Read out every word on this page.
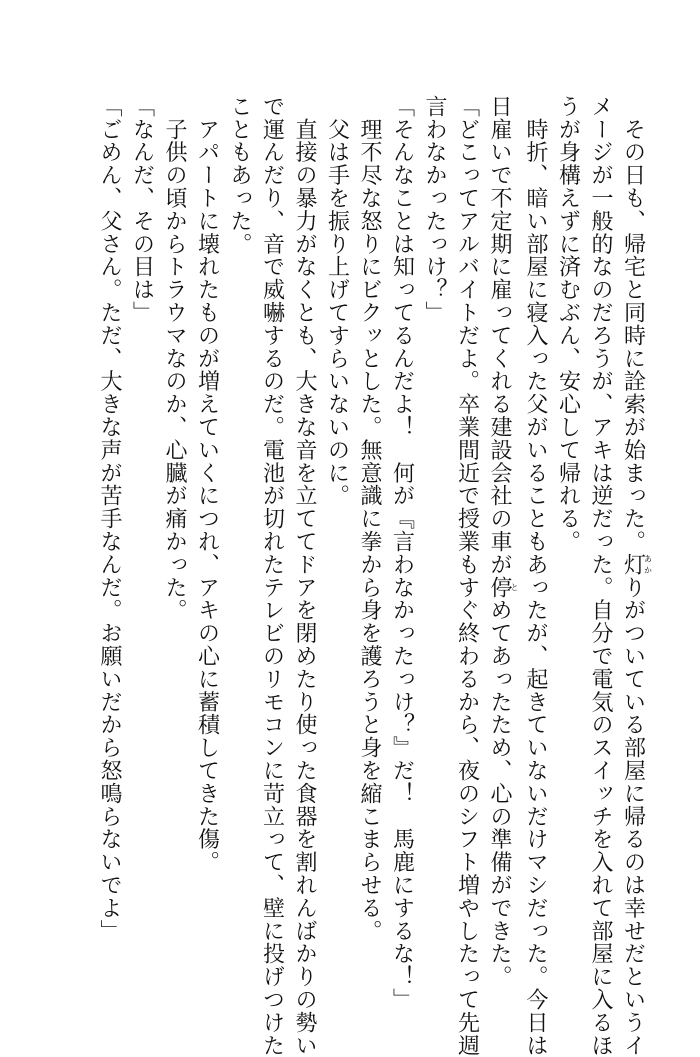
　その日も、帰宅と同時に詮索が始まった。灯あかりがついている部屋に帰るのは幸せだというイ
メージが一般的なのだろうが、アキは逆だった。自分で電気のスイッチを入れて部屋に入るほ
うが身構えずに済むぶん、安心して帰れる。
　時折、暗い部屋に寝入った父がいることもあったが、起きていないだけマシだった。今日は
日雇いで不定期に雇ってくれる建設会社の車が停とめてあったため、心の準備ができた。
「どこってアルバイトだよ。卒業間近で授業もすぐ終わるから、夜のシフト増やしたって先週
言わなかったっけ？」
「そんなことは知ってるんだよ！　何が『言わなかったっけ？』だ！　馬鹿にするな！」
　理不尽な怒りにビクッとした。無意識に拳から身を護ろうと身を縮こまらせる。
　父は手を振り上げてすらいないのに。
　直接の暴力がなくとも、大きな音を立ててドアを閉めたり使った食器を割れんばかりの勢い
で運んだり、音で威嚇するのだ。電池が切れたテレビのリモコンに苛立って、壁に投げつけた
こともあった。
　アパートに壊れたものが増えていくにつれ、アキの心に蓄積してきた傷。
　子供の頃からトラウマなのか、心臓が痛かった。
「なんだ、その目は」
「ごめん、父さん。ただ、大きな声が苦手なんだ。お願いだから怒鳴らないでよ」
